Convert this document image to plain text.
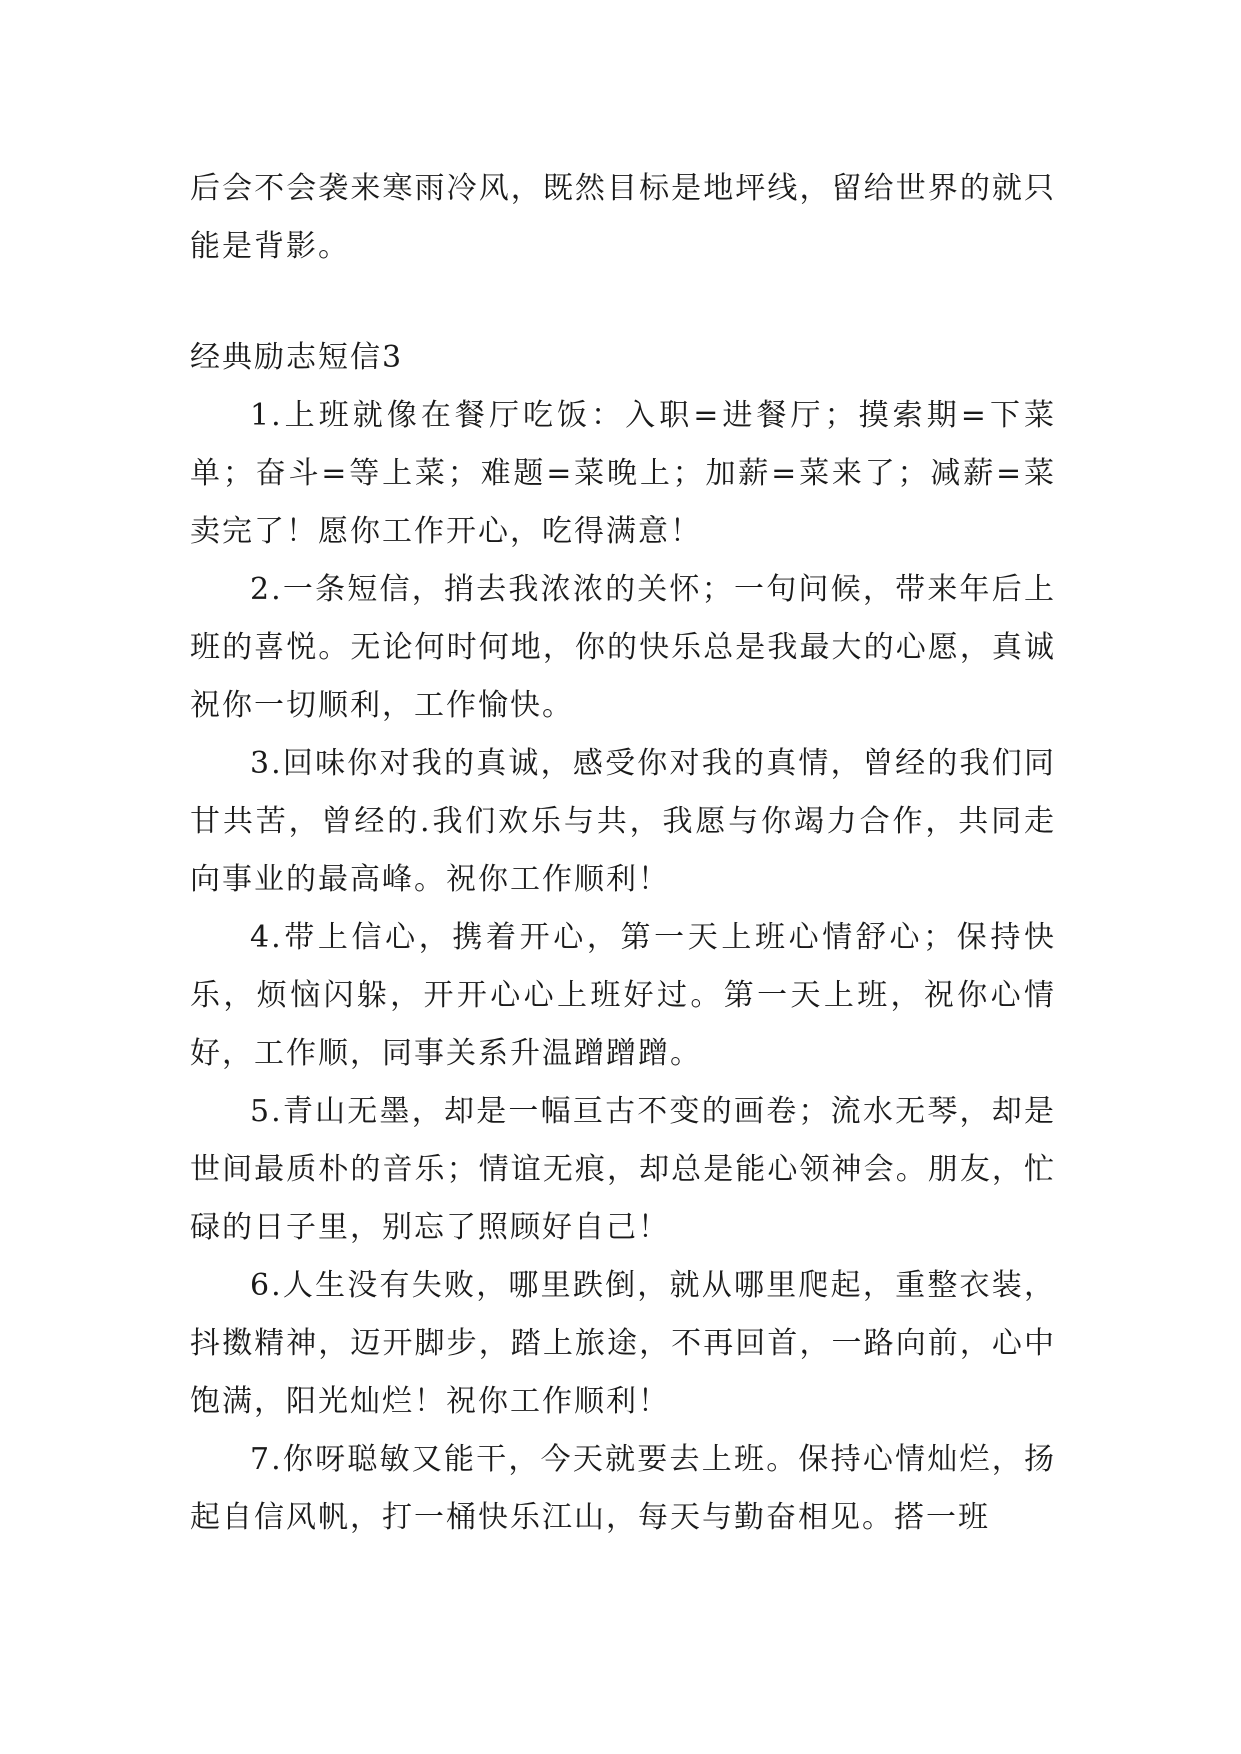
后会不会袭来寒雨冷风，既然目标是地坪线，留给世界的就只能是背影。

经典励志短信3

1.上班就像在餐厅吃饭：入职=进餐厅；摸索期=下菜单；奋斗=等上菜；难题=菜晚上；加薪=菜来了；减薪=菜卖完了！愿你工作开心，吃得满意！

2.一条短信，捎去我浓浓的关怀；一句问候，带来年后上班的喜悦。无论何时何地，你的快乐总是我最大的心愿，真诚祝你一切顺利，工作愉快。

3.回味你对我的真诚，感受你对我的真情，曾经的我们同甘共苦，曾经的.我们欢乐与共，我愿与你竭力合作，共同走向事业的最高峰。祝你工作顺利！

4.带上信心，携着开心，第一天上班心情舒心；保持快乐，烦恼闪躲，开开心心上班好过。第一天上班，祝你心情好，工作顺，同事关系升温蹭蹭蹭。

5.青山无墨，却是一幅亘古不变的画卷；流水无琴，却是世间最质朴的音乐；情谊无痕，却总是能心领神会。朋友，忙碌的日子里，别忘了照顾好自己！

6.人生没有失败，哪里跌倒，就从哪里爬起，重整衣装，抖擞精神，迈开脚步，踏上旅途，不再回首，一路向前，心中饱满，阳光灿烂！祝你工作顺利！

7.你呀聪敏又能干，今天就要去上班。保持心情灿烂，扬起自信风帆，打一桶快乐江山，每天与勤奋相见。搭一班
